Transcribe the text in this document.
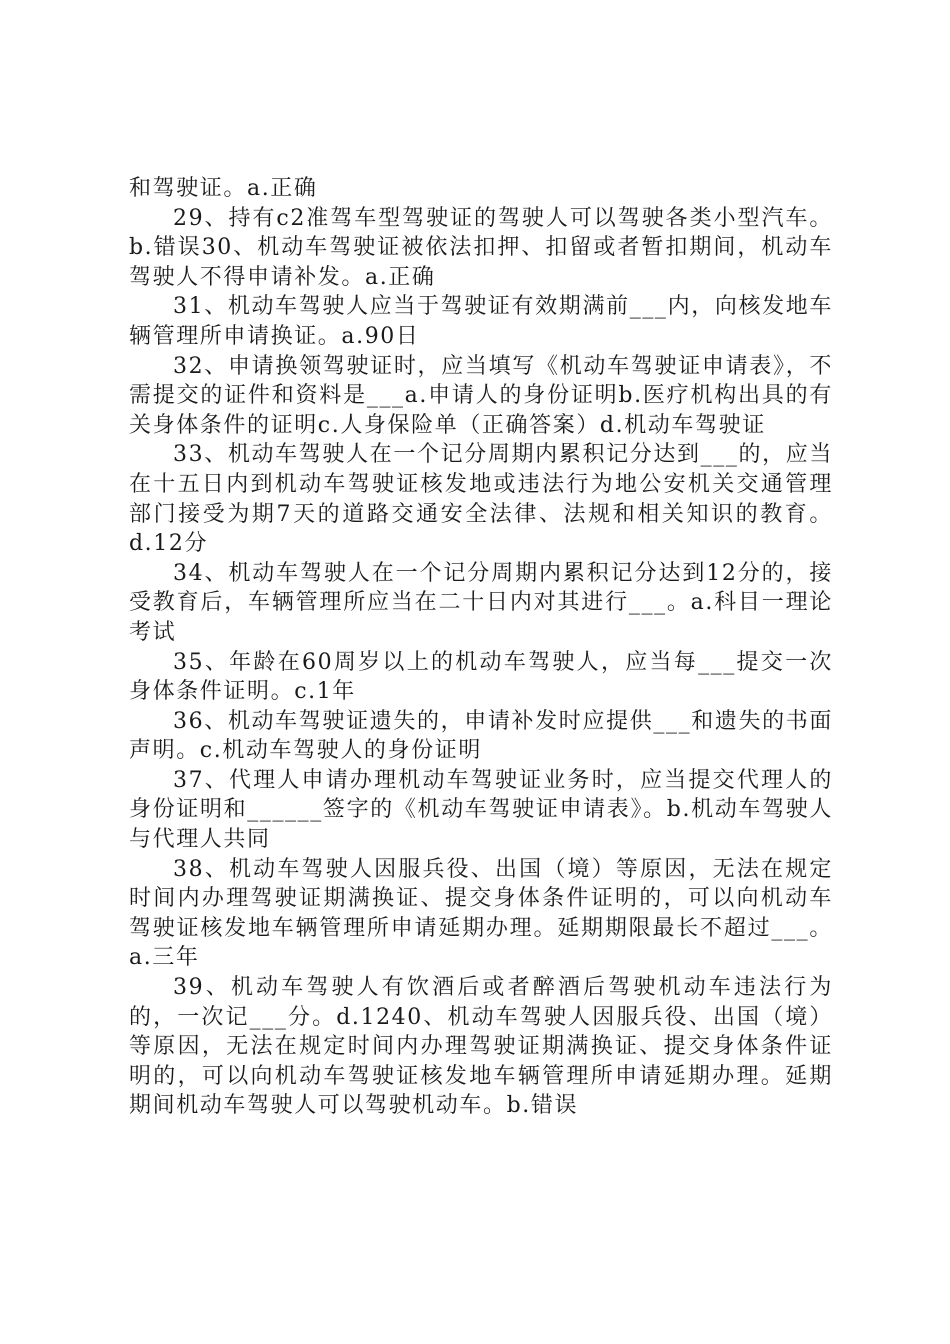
和驾驶证。a.正确

29、持有c2准驾车型驾驶证的驾驶人可以驾驶各类小型汽车。b.错误30、机动车驾驶证被依法扣押、扣留或者暂扣期间，机动车驾驶人不得申请补发。a.正确

31、机动车驾驶人应当于驾驶证有效期满前___内，向核发地车辆管理所申请换证。a.90日

32、申请换领驾驶证时，应当填写《机动车驾驶证申请表》，不需提交的证件和资料是___a.申请人的身份证明b.医疗机构出具的有关身体条件的证明c.人身保险单（正确答案）d.机动车驾驶证

33、机动车驾驶人在一个记分周期内累积记分达到___的，应当在十五日内到机动车驾驶证核发地或违法行为地公安机关交通管理部门接受为期7天的道路交通安全法律、法规和相关知识的教育。d.12分

34、机动车驾驶人在一个记分周期内累积记分达到12分的，接受教育后，车辆管理所应当在二十日内对其进行___。a.科目一理论考试

35、年龄在60周岁以上的机动车驾驶人，应当每___提交一次身体条件证明。c.1年

36、机动车驾驶证遗失的，申请补发时应提供___和遗失的书面声明。c.机动车驾驶人的身份证明

37、代理人申请办理机动车驾驶证业务时，应当提交代理人的身份证明和______签字的《机动车驾驶证申请表》。b.机动车驾驶人与代理人共同

38、机动车驾驶人因服兵役、出国（境）等原因，无法在规定时间内办理驾驶证期满换证、提交身体条件证明的，可以向机动车驾驶证核发地车辆管理所申请延期办理。延期期限最长不超过___。a.三年

39、机动车驾驶人有饮酒后或者醉酒后驾驶机动车违法行为的，一次记___分。d.1240、机动车驾驶人因服兵役、出国（境）等原因，无法在规定时间内办理驾驶证期满换证、提交身体条件证明的，可以向机动车驾驶证核发地车辆管理所申请延期办理。延期期间机动车驾驶人可以驾驶机动车。b.错误
